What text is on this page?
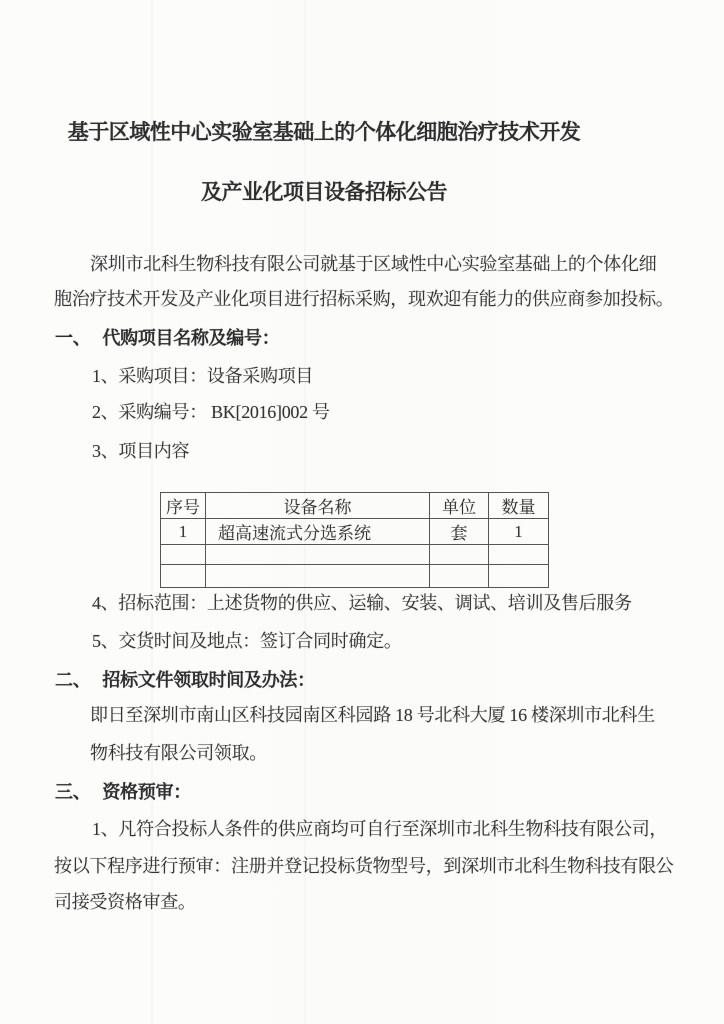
基于区域性中心实验室基础上的个体化细胞治疗技术开发
及产业化项目设备招标公告
深圳市北科生物科技有限公司就基于区域性中心实验室基础上的个体化细
胞治疗技术开发及产业化项目进行招标采购，现欢迎有能力的供应商参加投标。
一、 代购项目名称及编号：
1、采购项目：设备采购项目
2、采购编号： BK[2016]002 号
3、项目内容
序号	设备名称	单位	数量
1	超高速流式分选系统	套	1

4、招标范围：上述货物的供应、运输、安装、调试、培训及售后服务
5、交货时间及地点：签订合同时确定。
二、 招标文件领取时间及办法：
即日至深圳市南山区科技园南区科园路 18 号北科大厦 16 楼深圳市北科生
物科技有限公司领取。
三、 资格预审：
1、凡符合投标人条件的供应商均可自行至深圳市北科生物科技有限公司，
按以下程序进行预审：注册并登记投标货物型号，到深圳市北科生物科技有限公
司接受资格审查。
